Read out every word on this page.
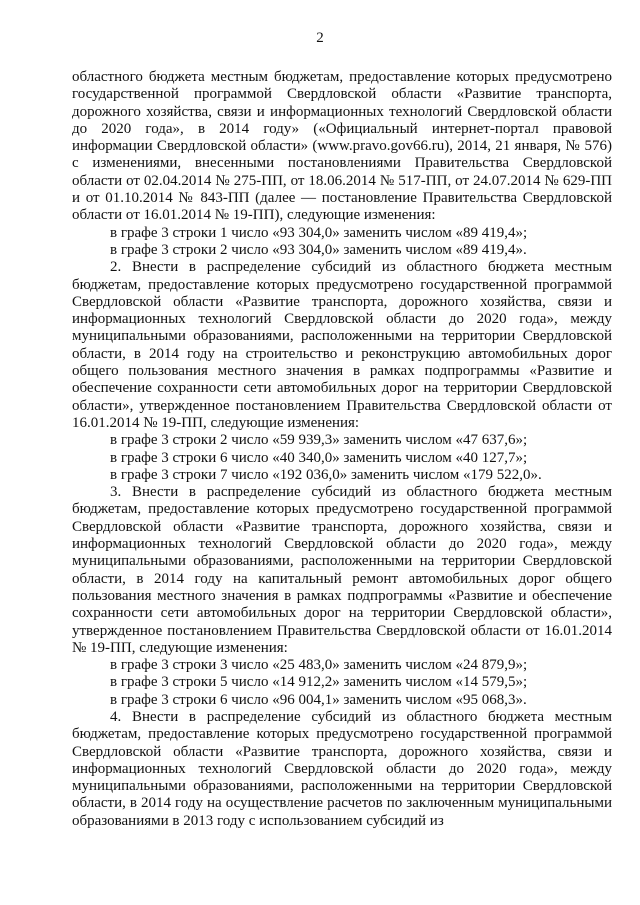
2

областного бюджета местным бюджетам, предоставление которых предусмотрено государственной программой Свердловской области «Развитие транспорта, дорожного хозяйства, связи и информационных технологий Свердловской области до 2020 года», в 2014 году» («Официальный интернет-портал правовой информации Свердловской области» (www.pravo.gov66.ru), 2014, 21 января, № 576) с изменениями, внесенными постановлениями Правительства Свердловской области от 02.04.2014 № 275-ПП, от 18.06.2014 № 517-ПП, от 24.07.2014 № 629-ПП и от 01.10.2014 № 843-ПП (далее — постановление Правительства Свердловской области от 16.01.2014 № 19-ПП), следующие изменения:

в графе 3 строки 1 число «93 304,0» заменить числом «89 419,4»;

в графе 3 строки 2 число «93 304,0» заменить числом «89 419,4».

2. Внести в распределение субсидий из областного бюджета местным бюджетам, предоставление которых предусмотрено государственной программой Свердловской области «Развитие транспорта, дорожного хозяйства, связи и информационных технологий Свердловской области до 2020 года», между муниципальными образованиями, расположенными на территории Свердловской области, в 2014 году на строительство и реконструкцию автомобильных дорог общего пользования местного значения в рамках подпрограммы «Развитие и обеспечение сохранности сети автомобильных дорог на территории Свердловской области», утвержденное постановлением Правительства Свердловской области от 16.01.2014 № 19-ПП, следующие изменения:

в графе 3 строки 2 число «59 939,3» заменить числом «47 637,6»;

в графе 3 строки 6 число «40 340,0» заменить числом «40 127,7»;

в графе 3 строки 7 число «192 036,0» заменить числом «179 522,0».

3. Внести в распределение субсидий из областного бюджета местным бюджетам, предоставление которых предусмотрено государственной программой Свердловской области «Развитие транспорта, дорожного хозяйства, связи и информационных технологий Свердловской области до 2020 года», между муниципальными образованиями, расположенными на территории Свердловской области, в 2014 году на капитальный ремонт автомобильных дорог общего пользования местного значения в рамках подпрограммы «Развитие и обеспечение сохранности сети автомобильных дорог на территории Свердловской области», утвержденное постановлением Правительства Свердловской области от 16.01.2014 № 19-ПП, следующие изменения:

в графе 3 строки 3 число «25 483,0» заменить числом «24 879,9»;

в графе 3 строки 5 число «14 912,2» заменить числом «14 579,5»;

в графе 3 строки 6 число «96 004,1» заменить числом «95 068,3».

4. Внести в распределение субсидий из областного бюджета местным бюджетам, предоставление которых предусмотрено государственной программой Свердловской области «Развитие транспорта, дорожного хозяйства, связи и информационных технологий Свердловской области до 2020 года», между муниципальными образованиями, расположенными на территории Свердловской области, в 2014 году на осуществление расчетов по заключенным муниципальными образованиями в 2013 году с использованием субсидий из
